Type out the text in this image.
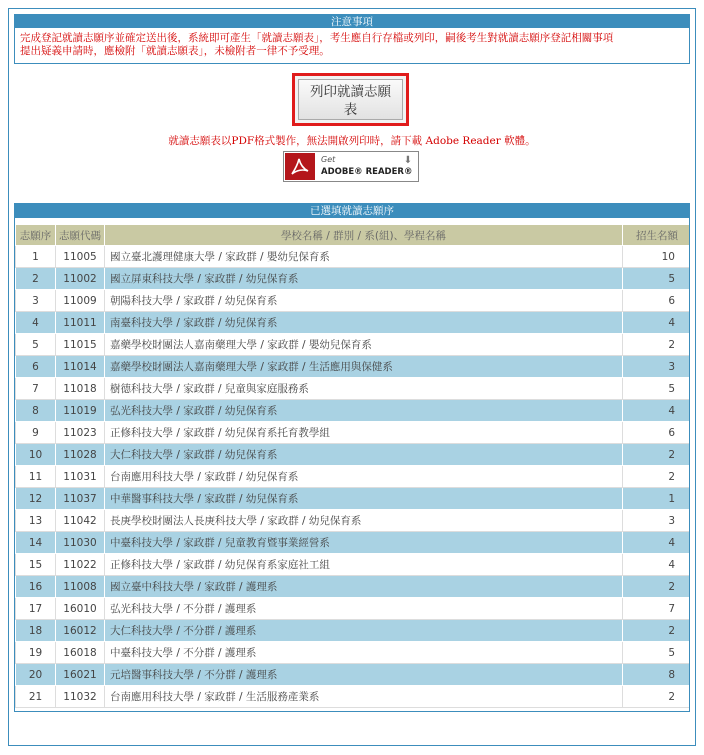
注意事項
完成登記就讀志願序並確定送出後，系統即可產生「就讀志願表」，考生應自行存檔或列印，嗣後考生對就讀志願序登記相關事項
提出疑義申請時，應檢附「就讀志願表」，未檢附者一律不予受理。
列印就讀志願
表
就讀志願表以PDF格式製作，無法開啟列印時，請下載 Adobe Reader 軟體。
Get
ADOBE® READER®
⬇
已選填就讀志願序
志願序	志願代碼	學校名稱 / 群別 / 系(組)、學程名稱	招生名額
1	11005	國立臺北護理健康大學 / 家政群 / 嬰幼兒保育系	10
2	11002	國立屏東科技大學 / 家政群 / 幼兒保育系	5
3	11009	朝陽科技大學 / 家政群 / 幼兒保育系	6
4	11011	南臺科技大學 / 家政群 / 幼兒保育系	4
5	11015	嘉藥學校財團法人嘉南藥理大學 / 家政群 / 嬰幼兒保育系	2
6	11014	嘉藥學校財團法人嘉南藥理大學 / 家政群 / 生活應用與保健系	3
7	11018	樹德科技大學 / 家政群 / 兒童與家庭服務系	5
8	11019	弘光科技大學 / 家政群 / 幼兒保育系	4
9	11023	正修科技大學 / 家政群 / 幼兒保育系托育教學組	6
10	11028	大仁科技大學 / 家政群 / 幼兒保育系	2
11	11031	台南應用科技大學 / 家政群 / 幼兒保育系	2
12	11037	中華醫事科技大學 / 家政群 / 幼兒保育系	1
13	11042	長庚學校財團法人長庚科技大學 / 家政群 / 幼兒保育系	3
14	11030	中臺科技大學 / 家政群 / 兒童教育暨事業經營系	4
15	11022	正修科技大學 / 家政群 / 幼兒保育系家庭社工組	4
16	11008	國立臺中科技大學 / 家政群 / 護理系	2
17	16010	弘光科技大學 / 不分群 / 護理系	7
18	16012	大仁科技大學 / 不分群 / 護理系	2
19	16018	中臺科技大學 / 不分群 / 護理系	5
20	16021	元培醫事科技大學 / 不分群 / 護理系	8
21	11032	台南應用科技大學 / 家政群 / 生活服務產業系	2
